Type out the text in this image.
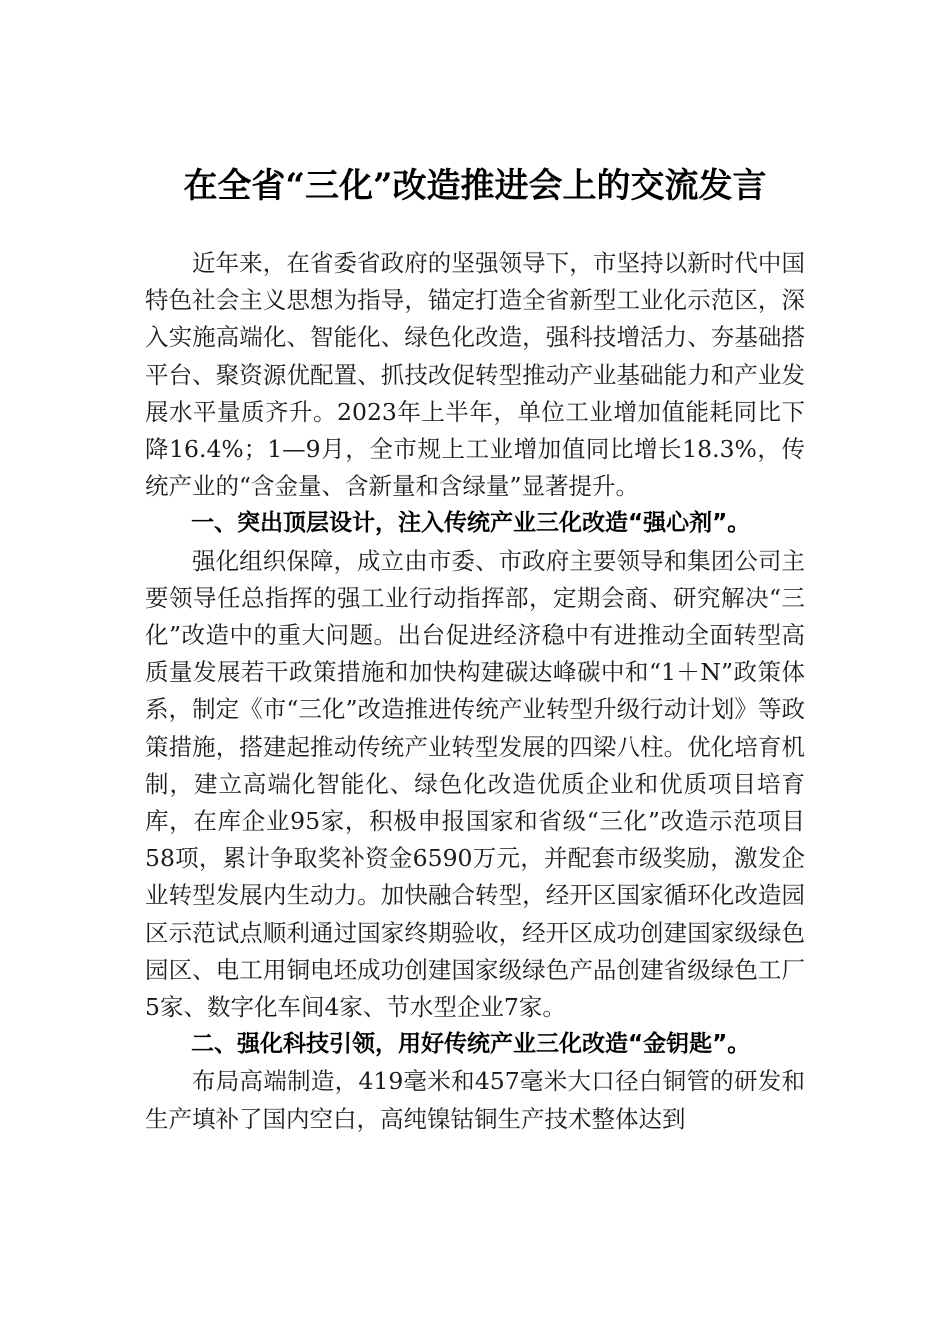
在全省“三化”改造推进会上的交流发言

近年来，在省委省政府的坚强领导下，市坚持以新时代中国特色社会主义思想为指导，锚定打造全省新型工业化示范区，深入实施高端化、智能化、绿色化改造，强科技增活力、夯基础搭平台、聚资源优配置、抓技改促转型推动产业基础能力和产业发展水平量质齐升。2023年上半年，单位工业增加值能耗同比下降16.4%；1—9月，全市规上工业增加值同比增长18.3%，传统产业的“含金量、含新量和含绿量”显著提升。

一、突出顶层设计，注入传统产业三化改造“强心剂”。

强化组织保障，成立由市委、市政府主要领导和集团公司主要领导任总指挥的强工业行动指挥部，定期会商、研究解决“三化”改造中的重大问题。出台促进经济稳中有进推动全面转型高质量发展若干政策措施和加快构建碳达峰碳中和“1＋N”政策体系，制定《市“三化”改造推进传统产业转型升级行动计划》等政策措施，搭建起推动传统产业转型发展的四梁八柱。优化培育机制，建立高端化智能化、绿色化改造优质企业和优质项目培育库，在库企业95家，积极申报国家和省级“三化”改造示范项目58项，累计争取奖补资金6590万元，并配套市级奖励，激发企业转型发展内生动力。加快融合转型，经开区国家循环化改造园区示范试点顺利通过国家终期验收，经开区成功创建国家级绿色园区、电工用铜电坯成功创建国家级绿色产品创建省级绿色工厂5家、数字化车间4家、节水型企业7家。

二、强化科技引领，用好传统产业三化改造“金钥匙”。

布局高端制造，419毫米和457毫米大口径白铜管的研发和生产填补了国内空白，高纯镍钴铜生产技术整体达到
